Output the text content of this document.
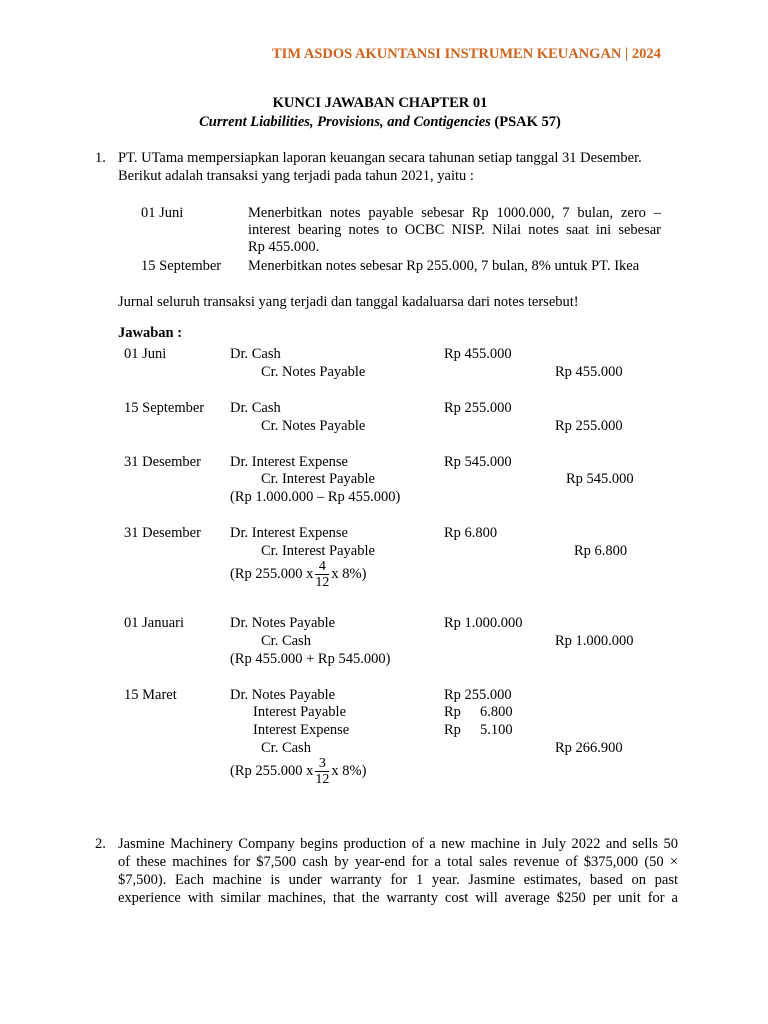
TIM ASDOS AKUNTANSI INSTRUMEN KEUANGAN | 2024
KUNCI JAWABAN CHAPTER 01
Current Liabilities, Provisions, and Contigencies (PSAK 57)
1. PT. UTama mempersiapkan laporan keuangan secara tahunan setiap tanggal 31 Desember.
Berikut adalah transaksi yang terjadi pada tahun 2021, yaitu :
01 Juni	Menerbitkan notes payable sebesar Rp 1000.000, 7 bulan, zero –
interest bearing notes to OCBC NISP. Nilai notes saat ini sebesar
Rp 455.000.
15 September Menerbitkan notes sebesar Rp 255.000, 7 bulan, 8% untuk PT. Ikea
Jurnal seluruh transaksi yang terjadi dan tanggal kadaluarsa dari notes tersebut!
Jawaban :
01 Juni	Dr. Cash	Rp 455.000
Cr. Notes Payable	Rp 455.000
15 September Dr. Cash	Rp 255.000
Cr. Notes Payable	Rp 255.000
31 Desember Dr. Interest Expense	Rp 545.000
Cr. Interest Payable	Rp 545.000
(Rp 1.000.000 – Rp 455.000)
31 Desember Dr. Interest Expense	Rp 6.800
Cr. Interest Payable	Rp 6.800
(Rp 255.000 x $\frac{4}{12}$ x 8%)
01 Januari	Dr. Notes Payable	Rp 1.000.000
Cr. Cash	Rp 1.000.000
(Rp 455.000 + Rp 545.000)
15 Maret	Dr. Notes Payable	Rp 255.000
Interest Payable	Rp 6.800
Interest Expense	Rp 5.100
Cr. Cash	Rp 266.900
(Rp 255.000 x $\frac{3}{12}$ x 8%)
2. Jasmine Machinery Company begins production of a new machine in July 2022 and sells 50
of these machines for $7,500 cash by year-end for a total sales revenue of $375,000 (50 ×
$7,500). Each machine is under warranty for 1 year. Jasmine estimates, based on past
experience with similar machines, that the warranty cost will average $250 per unit for a
